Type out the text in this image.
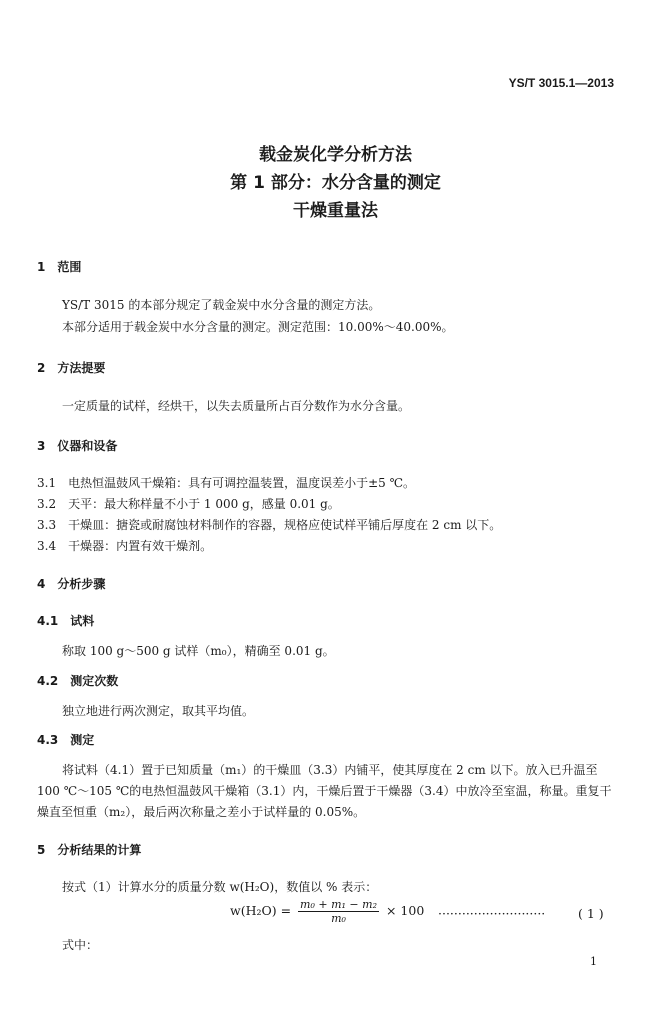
YS/T 3015.1—2013
载金炭化学分析方法
第 1 部分：水分含量的测定
干燥重量法
1　范围
YS/T 3015 的本部分规定了载金炭中水分含量的测定方法。
本部分适用于载金炭中水分含量的测定。测定范围：10.00%～40.00%。
2　方法提要
一定质量的试样，经烘干，以失去质量所占百分数作为水分含量。
3　仪器和设备
3.1　电热恒温鼓风干燥箱：具有可调控温装置，温度误差小于±5 ℃。
3.2　天平：最大称样量不小于 1 000 g，感量 0.01 g。
3.3　干燥皿：搪瓷或耐腐蚀材料制作的容器，规格应使试样平铺后厚度在 2 cm 以下。
3.4　干燥器：内置有效干燥剂。
4　分析步骤
4.1　试料
称取 100 g～500 g 试样（m₀），精确至 0.01 g。
4.2　测定次数
独立地进行两次测定，取其平均值。
4.3　测定
将试料（4.1）置于已知质量（m₁）的干燥皿（3.3）内铺平，使其厚度在 2 cm 以下。放入已升温至
100 ℃～105 ℃的电热恒温鼓风干燥箱（3.1）内，干燥后置于干燥器（3.4）中放冷至室温，称量。重复干
燥直至恒重（m₂），最后两次称量之差小于试样量的 0.05%。
5　分析结果的计算
按式（1）计算水分的质量分数 w(H₂O)，数值以 % 表示：
$w(H_2O) = \frac{\text{m₀ + m₁ − m₂}}{\text{m₀}} \times 100$ ···························	( 1 )
式中：
1
